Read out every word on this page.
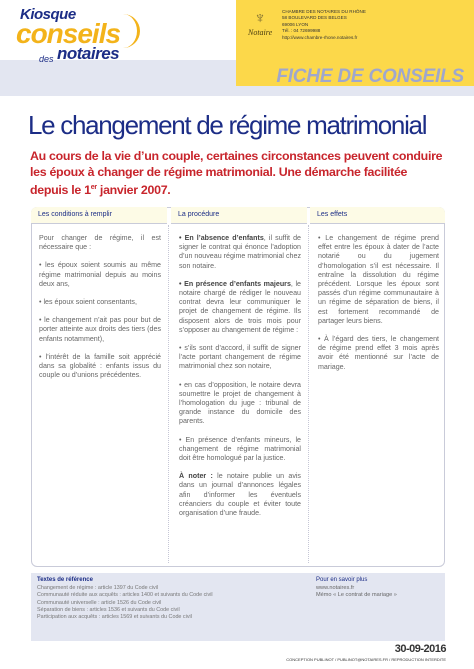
Kiosque
conseils
des notaires
♆
Notaire
CHAMBRE DES NOTAIRES DU RHÔNE
58 BOULEVARD DES BELGES
69006 LYON
Tél. : 04 72699988
http://www.chambre-rhone.notaires.fr
FICHE DE CONSEILS
Le changement de régime matrimonial
Au cours de la vie d’un couple, certaines circonstances peuvent conduire les époux à changer de régime matrimonial. Une démarche facilitée depuis le 1er janvier 2007.
Les conditions à remplir

Pour changer de régime, il est nécessaire que :

• les époux soient soumis au même régime matrimonial depuis au moins deux ans,

• les époux soient consentants,

• le changement n’ait pas pour but de porter atteinte aux droits des tiers (des enfants notamment),

• l’intérêt de la famille soit apprécié dans sa globalité : enfants issus du couple ou d’unions précédentes.

La procédure

• En l’absence d’enfants, il suffit de signer le contrat qui énonce l’adoption d’un nouveau régime matrimonial chez son notaire.

• En présence d’enfants majeurs, le notaire chargé de rédiger le nouveau contrat devra leur communiquer le projet de changement de régime. Ils disposent alors de trois mois pour s’opposer au changement de régime :

• s’ils sont d’accord, il suffit de signer l’acte portant changement de régime matrimonial chez son notaire,

• en cas d’opposition, le notaire devra soumettre le projet de changement à l’homologation du juge : tribunal de grande instance du domicile des parents.

• En présence d’enfants mineurs, le changement de régime matrimonial doit être homologué par la justice.

À noter : le notaire publie un avis dans un journal d’annonces légales afin d’informer les éventuels créanciers du couple et éviter toute organisation d’une fraude.

Les effets

• Le changement de régime prend effet entre les époux à dater de l’acte notarié ou du jugement d’homologation s’il est nécessaire. Il entraîne la dissolution du régime précédent. Lorsque les époux sont passés d’un régime communautaire à un régime de séparation de biens, il est fortement recommandé de partager leurs biens.

• À l’égard des tiers, le changement de régime prend effet 3 mois après avoir été mentionné sur l’acte de mariage.

Textes de référence
Changement de régime : article 1397 du Code civil
Communauté réduite aux acquêts : articles 1400 et suivants du Code civil
Communauté universelle : article 1526 du Code civil
Séparation de biens : articles 1536 et suivants du Code civil
Participation aux acquêts : articles 1569 et suivants du Code civil
Pour en savoir plus
www.notaires.fr
Mémo « Le contrat de mariage »
30-09-2016
CONCEPTION PUBLINOT / PUBLINOT@NOTAIRES.FR / REPRODUCTION INTERDITE
